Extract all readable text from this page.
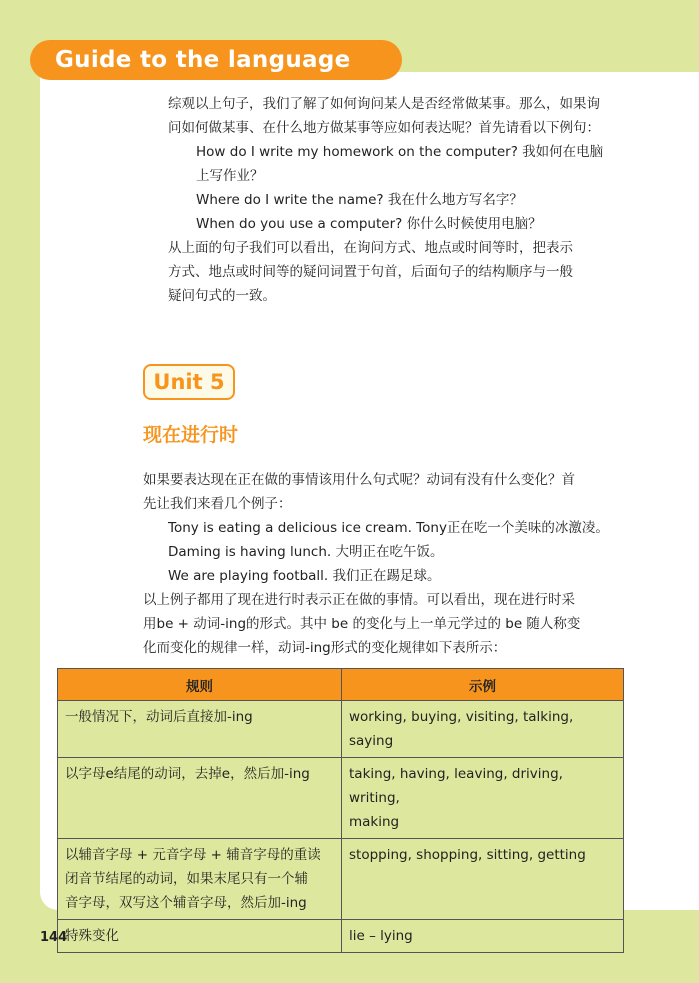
Guide to the language use	综观以上句子，我们了解了如何询问某人是否经常做某事。那么，如果询

问如何做某事、在什么地方做某事等应如何表达呢？首先请看以下例句：

How do I write my homework on the computer? 我如何在电脑

上写作业？

Where do I write the name? 我在什么地方写名字？

When do you use a computer? 你什么时候使用电脑？

从上面的句子我们可以看出，在询问方式、地点或时间等时，把表示

方式、地点或时间等的疑问词置于句首，后面句子的结构顺序与一般

疑问句式的一致。

Unit 5
现在进行时

如果要表达现在正在做的事情该用什么句式呢？动词有没有什么变化？首

先让我们来看几个例子：

Tony is eating a delicious ice cream. Tony正在吃一个美味的冰激凌。

Daming is having lunch. 大明正在吃午饭。

We are playing football. 我们正在踢足球。

以上例子都用了现在进行时表示正在做的事情。可以看出，现在进行时采

用be + 动词-ing的形式。其中 be 的变化与上一单元学过的 be 随人称变

化而变化的规律一样，动词-ing形式的变化规律如下表所示：

规则	示例

一般情况下，动词后直接加-ing	working, buying, visiting, talking, saying

以字母e结尾的动词，去掉e，然后加-ing	taking, having, leaving, driving, writing,
making

以辅音字母 + 元音字母 + 辅音字母的重读
闭音节结尾的动词，如果末尾只有一个辅
音字母，双写这个辅音字母，然后加-ing	stopping, shopping, sitting, getting

特殊变化	lie – lying

144
